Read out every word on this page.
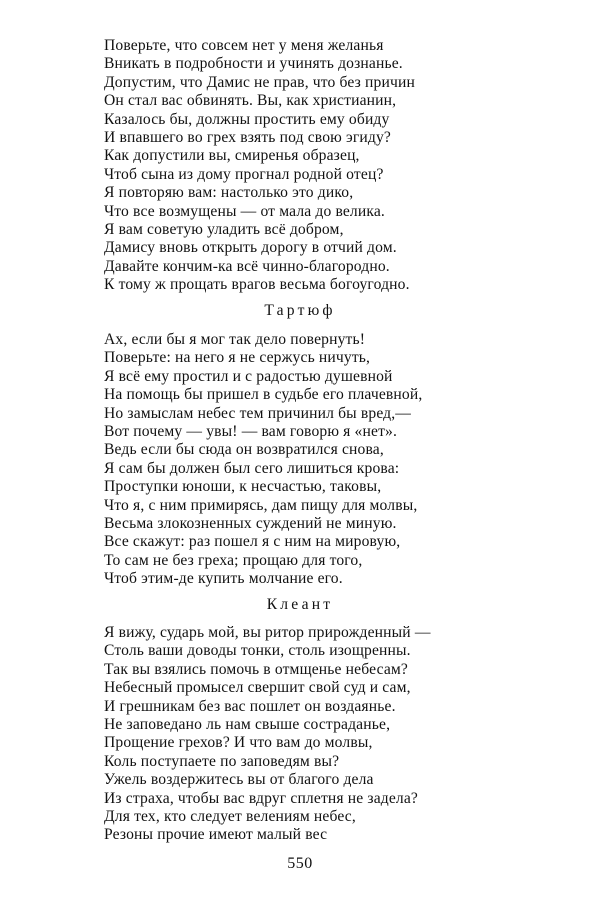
Поверьте, что совсем нет у меня желанья
Вникать в подробности и учинять дознанье.
Допустим, что Дамис не прав, что без причин
Он стал вас обвинять. Вы, как христианин,
Казалось бы, должны простить ему обиду
И впавшего во грех взять под свою эгиду?
Как допустили вы, смиренья образец,
Чтоб сына из дому прогнал родной отец?
Я повторяю вам: настолько это дико,
Что все возмущены — от мала до велика.
Я вам советую уладить всё добром,
Дамису вновь открыть дорогу в отчий дом.
Давайте кончим-ка всё чинно-благородно.
К тому ж прощать врагов весьма богоугодно.
Тартюф
Ах, если бы я мог так дело повернуть!
Поверьте: на него я не сержусь ничуть,
Я всё ему простил и с радостью душевной
На помощь бы пришел в судьбе его плачевной,
Но замыслам небес тем причинил бы вред,—
Вот почему — увы! — вам говорю я «нет».
Ведь если бы сюда он возвратился снова,
Я сам бы должен был сего лишиться крова:
Проступки юноши, к несчастью, таковы,
Что я, с ним примирясь, дам пищу для молвы,
Весьма злокозненных суждений не миную.
Все скажут: раз пошел я с ним на мировую,
То сам не без греха; прощаю для того,
Чтоб этим-де купить молчание его.
Клеант
Я вижу, сударь мой, вы ритор прирожденный —
Столь ваши доводы тонки, столь изощренны.
Так вы взялись помочь в отмщенье небесам?
Небесный промысел свершит свой суд и сам,
И грешникам без вас пошлет он воздаянье.
Не заповедано ль нам свыше состраданье,
Прощение грехов? И что вам до молвы,
Коль поступаете по заповедям вы?
Ужель воздержитесь вы от благого дела
Из страха, чтобы вас вдруг сплетня не задела?
Для тех, кто следует велениям небес,
Резоны прочие имеют малый вес
550
